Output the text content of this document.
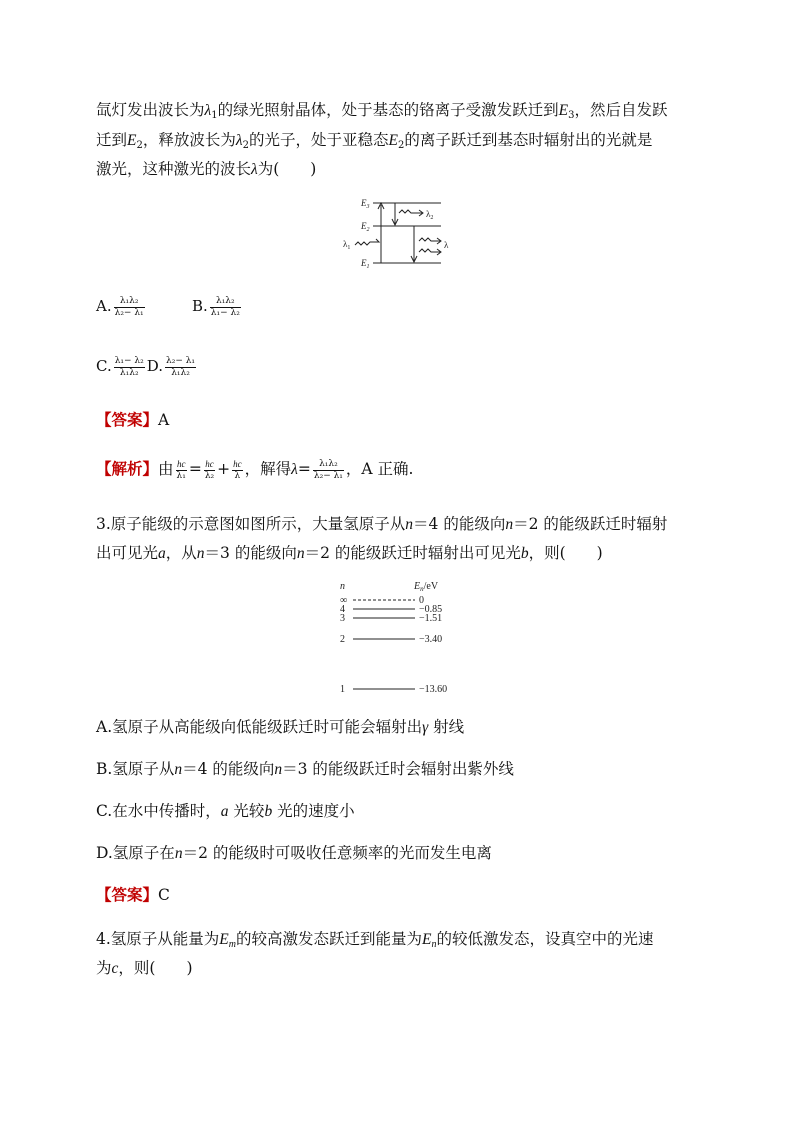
氙灯发出波长为$\lambda_1$的绿光照射晶体，处于基态的铬离子受激发跃迁到$E_3$，然后自发跃
迁到$E_2$，释放波长为$\lambda_2$的光子，处于亚稳态$E_2$的离子跃迁到基态时辐射出的光就是
激光，这种激光的波长λ为(　　)
$E_3$
$E_2$
$E_1$
$\lambda_1$
$\lambda_2$
λ
A. $\frac{\text{λ₁λ₂}}{\text{λ₂− λ₁}}$	B. $\frac{\text{λ₁λ₂}}{\text{λ₁− λ₂}}$
C. $\frac{\text{λ₁− λ₂}}{\text{λ₁λ₂}} D$. $\frac{\text{λ₂− λ₁}}{\text{λ₁λ₂}}$
【答案】A
【解析】由 $\frac{hc}{\text{λ₁}} = \frac{hc}{\text{λ₂}} + \frac{hc}{\lambda}$ ，解得$\lambda= \frac{\text{λ₁λ₂}}{\text{λ₂− λ₁}}$ ，A 正确.
3.原子能级的示意图如图所示，大量氢原子从n＝4 的能级向n＝2 的能级跃迁时辐射
出可见光a，从n＝3 的能级向n＝2 的能级跃迁时辐射出可见光b，则(　　)
n	$E_n/eV$
∞	0
4	−0.85
3	−1.51
2	−3.40
1	−13.60
A.氢原子从高能级向低能级跃迁时可能会辐射出γ 射线
B.氢原子从n＝4 的能级向n＝3 的能级跃迁时会辐射出紫外线
C.在水中传播时，a 光较b 光的速度小
D.氢原子在n＝2 的能级时可吸收任意频率的光而发生电离
【答案】C
4.氢原子从能量为$E_m$的较高激发态跃迁到能量为$E_n$的较低激发态，设真空中的光速
为c，则(　　)
